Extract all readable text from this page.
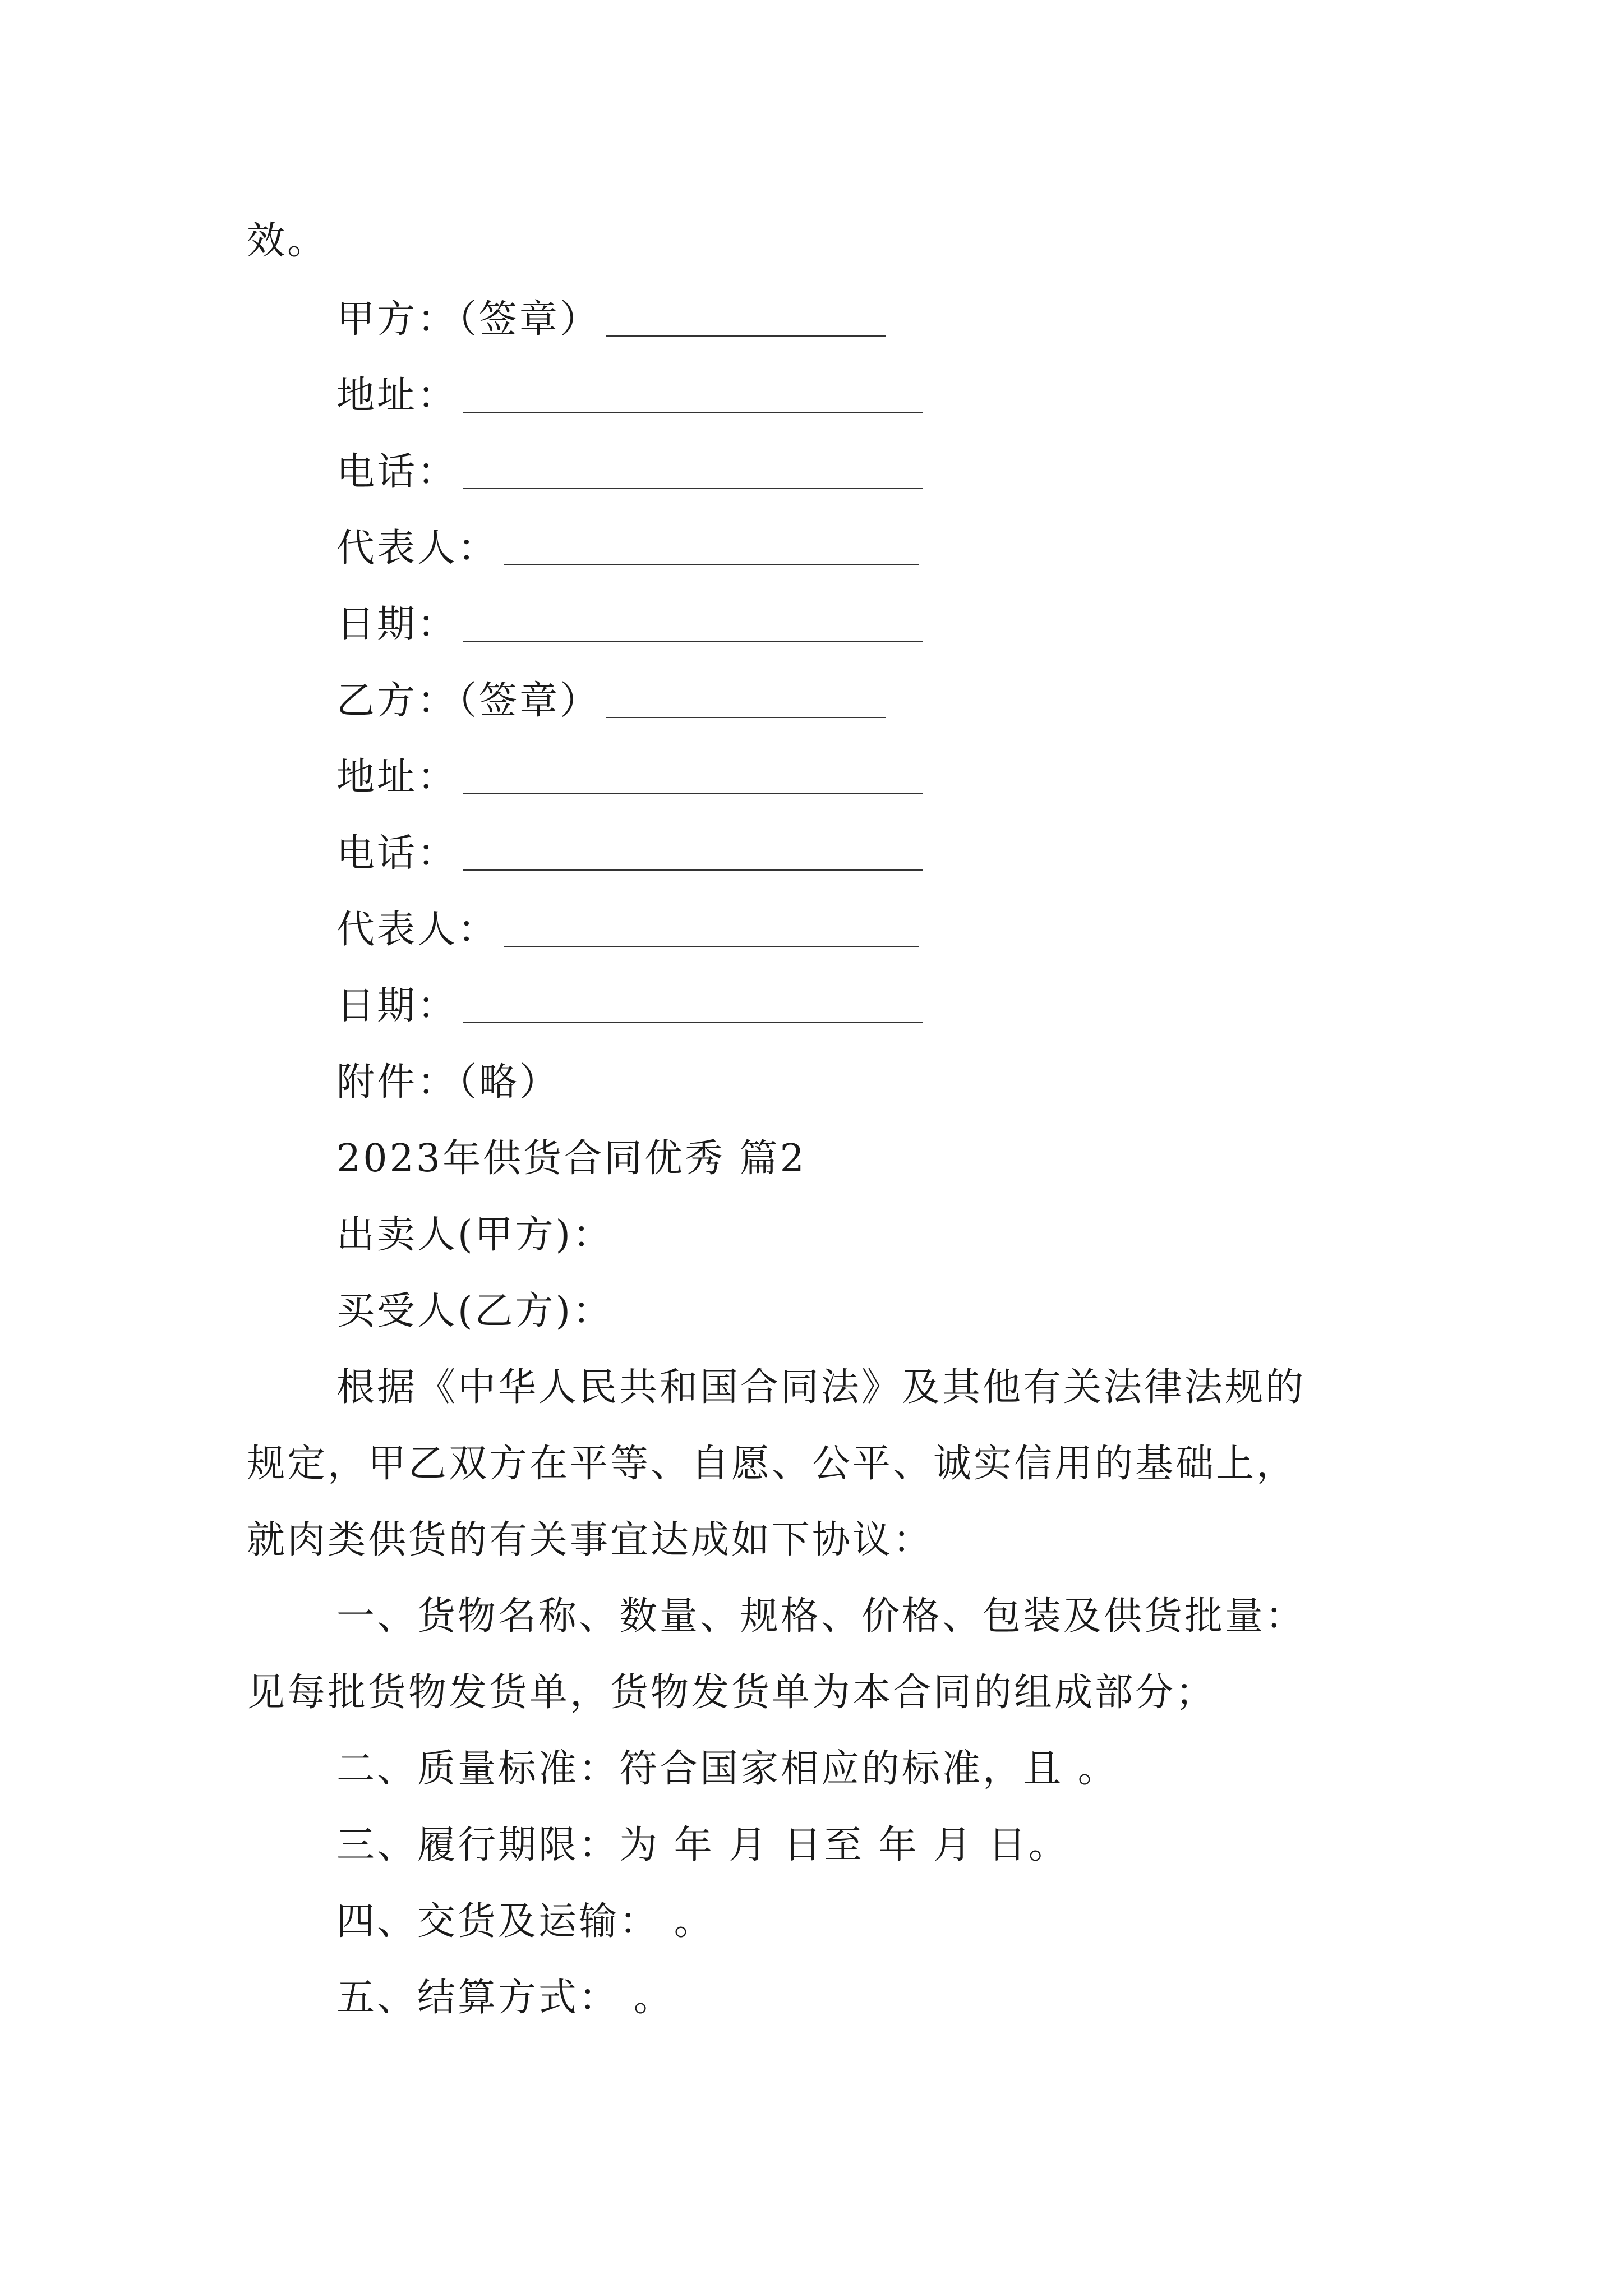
效。
甲方：（签章）
地址：
电话：
代表人：
日期：
乙方：（签章）
地址：
电话：
代表人：
日期：
附件：（略）
2023年供货合同优秀 篇2
出卖人(甲方)：
买受人(乙方)：
根据《中华人民共和国合同法》及其他有关法律法规的
规定，甲乙双方在平等、自愿、公平、诚实信用的基础上，
就肉类供货的有关事宜达成如下协议：
一、货物名称、数量、规格、价格、包装及供货批量：
见每批货物发货单，货物发货单为本合同的组成部分；
二、质量标准：符合国家相应的标准，且 。
三、履行期限：为 年 月 日至 年 月 日。
四、交货及运输： 。
五、结算方式： 。
